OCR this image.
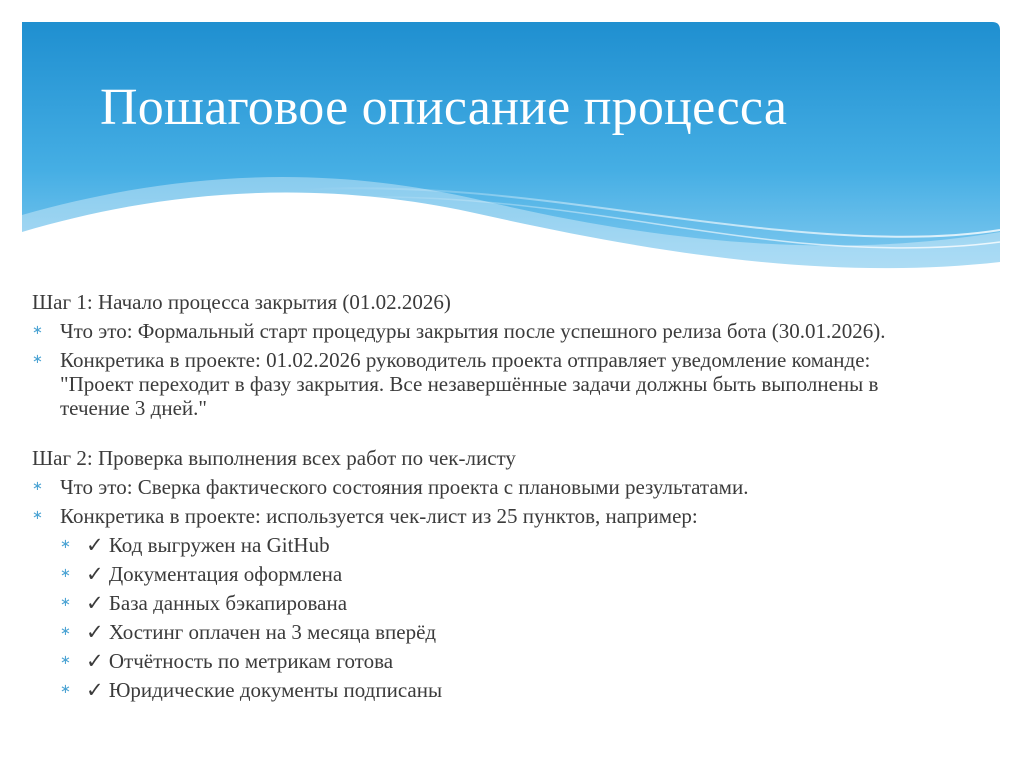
Пошаговое описание процесса
Шаг 1: Начало процесса закрытия (01.02.2026)
∗ Что это: Формальный старт процедуры закрытия после успешного релиза бота (30.01.2026).
∗ Конкретика в проекте: 01.02.2026 руководитель проекта отправляет уведомление команде: "Проект переходит в фазу закрытия. Все незавершённые задачи должны быть выполнены в течение 3 дней."
Шаг 2: Проверка выполнения всех работ по чек-листу
∗ Что это: Сверка фактического состояния проекта с плановыми результатами.
∗ Конкретика в проекте: используется чек-лист из 25 пунктов, например:
∗ ✓ Код выгружен на GitHub
∗ ✓ Документация оформлена
∗ ✓ База данных бэкапирована
∗ ✓ Хостинг оплачен на 3 месяца вперёд
∗ ✓ Отчётность по метрикам готова
∗ ✓ Юридические документы подписаны
